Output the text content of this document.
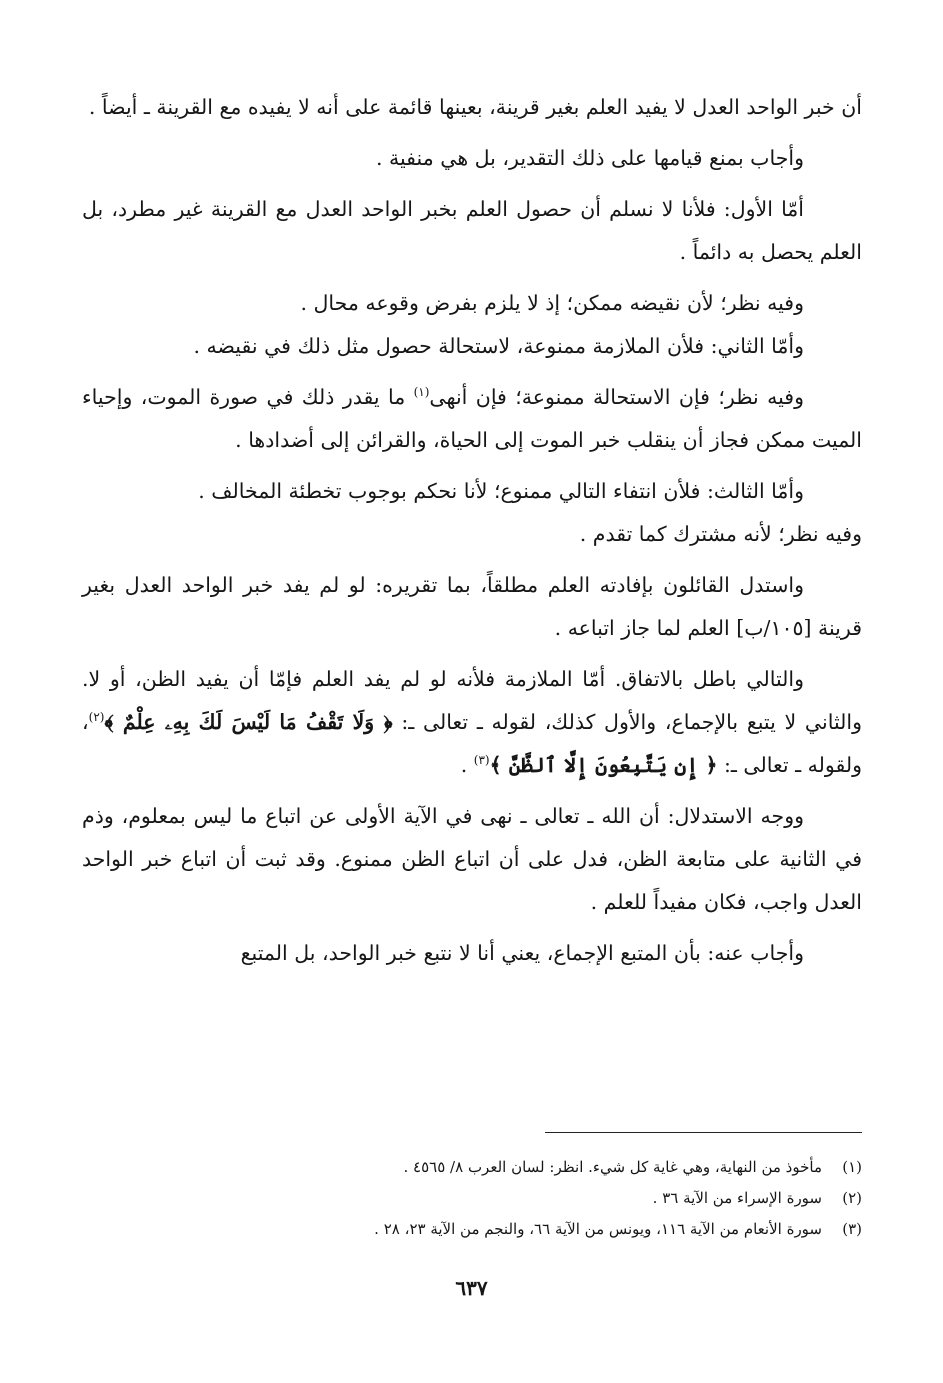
أن خبر الواحد العدل لا يفيد العلم بغير قرينة، بعينها قائمة على أنه لا يفيده مع القرينة ـ أيضاً .

وأجاب بمنع قيامها على ذلك التقدير، بل هي منفية .

أمّا الأول: فلأنا لا نسلم أن حصول العلم بخبر الواحد العدل مع القرينة غير مطرد، بل العلم يحصل به دائماً .

وفيه نظر؛ لأن نقيضه ممكن؛ إذ لا يلزم بفرض وقوعه محال .

وأمّا الثاني: فلأن الملازمة ممنوعة، لاستحالة حصول مثل ذلك في نقيضه .

وفيه نظر؛ فإن الاستحالة ممنوعة؛ فإن أنهى$^{(١)}$ ما يقدر ذلك في صورة الموت، وإحياء الميت ممكن فجاز أن ينقلب خبر الموت إلى الحياة، والقرائن إلى أضدادها .

وأمّا الثالث: فلأن انتفاء التالي ممنوع؛ لأنا نحكم بوجوب تخطئة المخالف .

وفيه نظر؛ لأنه مشترك كما تقدم .

واستدل القائلون بإفادته العلم مطلقاً، بما تقريره: لو لم يفد خبر الواحد العدل بغير قرينة [١٠٥/ب] العلم لما جاز اتباعه .

والتالي باطل بالاتفاق. أمّا الملازمة فلأنه لو لم يفد العلم فإمّا أن يفيد الظن، أو لا. والثاني لا يتبع بالإجماع، والأول كذلك، لقوله ـ تعالى ـ: ﴿ وَلَا تَقْفُ مَا لَيْسَ لَكَ بِهِۦ عِلْمٌ ﴾$^{(٢)}$، ولقوله ـ تعالى ـ: ﴿ إِن يَتَّبِعُونَ إِلَّا ٱلظَّنَّ ﴾$^{(٣)}$ .

ووجه الاستدلال: أن الله ـ تعالى ـ نهى في الآية الأولى عن اتباع ما ليس بمعلوم، وذم في الثانية على متابعة الظن، فدل على أن اتباع الظن ممنوع. وقد ثبت أن اتباع خبر الواحد العدل واجب، فكان مفيداً للعلم .

وأجاب عنه: بأن المتبع الإجماع، يعني أنا لا نتبع خبر الواحد، بل المتبع

(١)مأخوذ من النهاية، وهي غاية كل شيء. انظر: لسان العرب ٨/ ٤٥٦٥ .

(٢)سورة الإسراء من الآية ٣٦ .

(٣)سورة الأنعام من الآية ١١٦، ويونس من الآية ٦٦، والنجم من الآية ٢٣، ٢٨ .

٦٣٧
